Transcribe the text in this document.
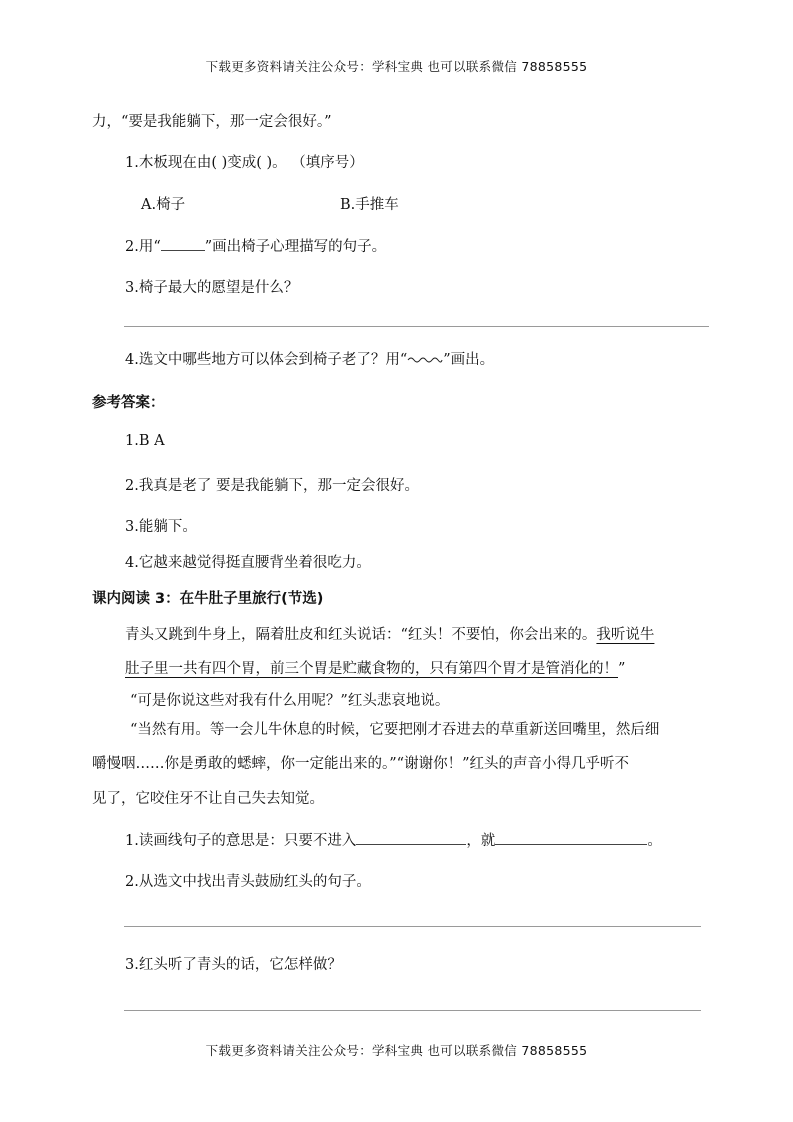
下载更多资料请关注公众号：学科宝典 也可以联系微信 78858555
力，“要是我能躺下，那一定会很好。”
1.木板现在由( )变成( )。 （填序号）
A.椅子	B.手推车
2.用“	”画出椅子心理描写的句子。
3.椅子最大的愿望是什么？
4.选文中哪些地方可以体会到椅子老了？用“ ”画出。
参考答案：
1.B A
2.我真是老了 要是我能躺下，那一定会很好。
3.能躺下。
4.它越来越觉得挺直腰背坐着很吃力。
课内阅读 3：在牛肚子里旅行(节选)
青头又跳到牛身上，隔着肚皮和红头说话：“红头！不要怕，你会出来的。我听说牛
肚子里一共有四个胃，前三个胃是贮藏食物的，只有第四个胃才是管消化的！”
“可是你说这些对我有什么用呢？”红头悲哀地说。
“当然有用。等一会儿牛休息的时候，它要把刚才吞进去的草重新送回嘴里，然后细
嚼慢咽……你是勇敢的蟋蟀，你一定能出来的。”“谢谢你！”红头的声音小得几乎听不
见了，它咬住牙不让自己失去知觉。
1.读画线句子的意思是：只要不进入	，就	。
2.从选文中找出青头鼓励红头的句子。
3.红头听了青头的话，它怎样做？
下载更多资料请关注公众号：学科宝典 也可以联系微信 78858555
